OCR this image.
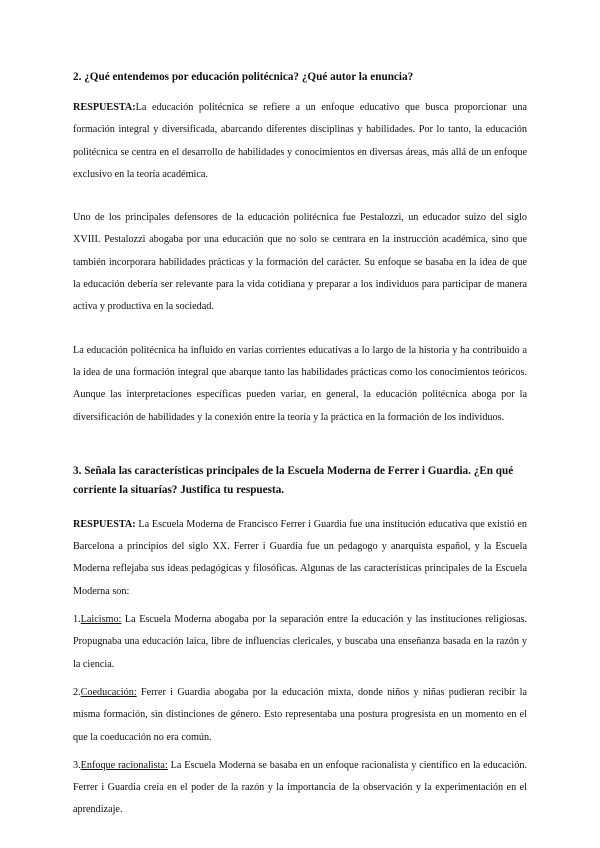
2. ¿Qué entendemos por educación politécnica? ¿Qué autor la enuncia?

RESPUESTA:La educación politécnica se refiere a un enfoque educativo que busca proporcionar una formación integral y diversificada, abarcando diferentes disciplinas y habilidades. Por lo tanto, la educación politécnica se centra en el desarrollo de habilidades y conocimientos en diversas áreas, más allá de un enfoque exclusivo en la teoría académica.

Uno de los principales defensores de la educación politécnica fue Pestalozzi, un educador suizo del siglo XVIII. Pestalozzi abogaba por una educación que no solo se centrara en la instrucción académica, sino que también incorporara habilidades prácticas y la formación del carácter. Su enfoque se basaba en la idea de que la educación debería ser relevante para la vida cotidiana y preparar a los individuos para participar de manera activa y productiva en la sociedad.

La educación politécnica ha influido en varias corrientes educativas a lo largo de la historia y ha contribuido a la idea de una formación integral que abarque tanto las habilidades prácticas como los conocimientos teóricos. Aunque las interpretaciones específicas pueden variar, en general, la educación politécnica aboga por la diversificación de habilidades y la conexión entre la teoría y la práctica en la formación de los individuos.

3. Señala las características principales de la Escuela Moderna de Ferrer i Guardia. ¿En qué corriente la situarías? Justifica tu respuesta.

RESPUESTA: La Escuela Moderna de Francisco Ferrer i Guardia fue una institución educativa que existió en Barcelona a principios del siglo XX. Ferrer i Guardia fue un pedagogo y anarquista español, y la Escuela Moderna reflejaba sus ideas pedagógicas y filosóficas. Algunas de las características principales de la Escuela Moderna son:

1.Laicismo: La Escuela Moderna abogaba por la separación entre la educación y las instituciones religiosas. Propugnaba una educación laica, libre de influencias clericales, y buscaba una enseñanza basada en la razón y la ciencia.

2.Coeducación: Ferrer i Guardia abogaba por la educación mixta, donde niños y niñas pudieran recibir la misma formación, sin distinciones de género. Esto representaba una postura progresista en un momento en el que la coeducación no era común.

3.Enfoque racionalista: La Escuela Moderna se basaba en un enfoque racionalista y científico en la educación. Ferrer i Guardia creía en el poder de la razón y la importancia de la observación y la experimentación en el aprendizaje.
